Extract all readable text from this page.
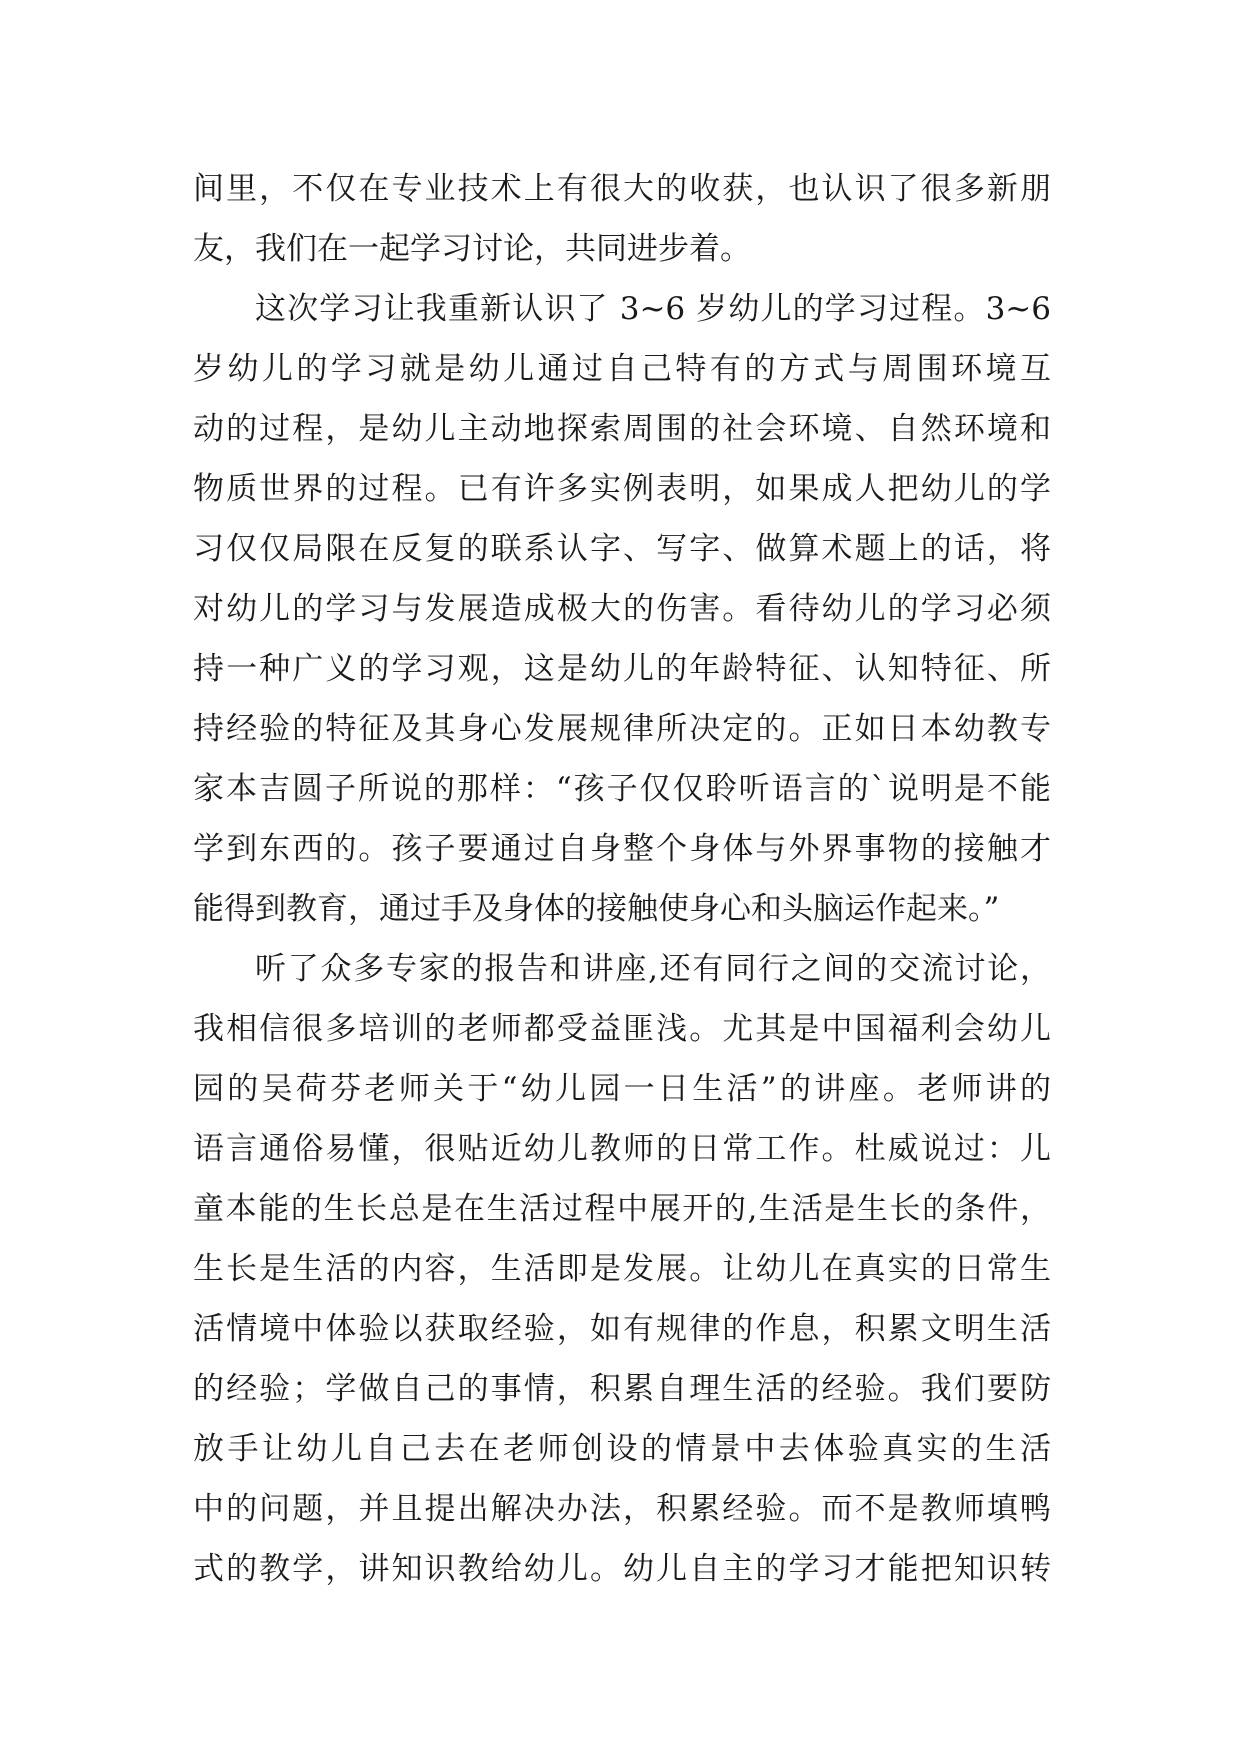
间里，不仅在专业技术上有很大的收获，也认识了很多新朋
友，我们在一起学习讨论，共同进步着。
这次学习让我重新认识了 3~6 岁幼儿的学习过程。3~6
岁幼儿的学习就是幼儿通过自己特有的方式与周围环境互
动的过程，是幼儿主动地探索周围的社会环境、自然环境和
物质世界的过程。已有许多实例表明，如果成人把幼儿的学
习仅仅局限在反复的联系认字、写字、做算术题上的话，将
对幼儿的学习与发展造成极大的伤害。看待幼儿的学习必须
持一种广义的学习观，这是幼儿的年龄特征、认知特征、所
持经验的特征及其身心发展规律所决定的。正如日本幼教专
家本吉圆子所说的那样：“孩子仅仅聆听语言的`说明是不能
学到东西的。孩子要通过自身整个身体与外界事物的接触才
能得到教育，通过手及身体的接触使身心和头脑运作起来。”
听了众多专家的报告和讲座,还有同行之间的交流讨论，
我相信很多培训的老师都受益匪浅。尤其是中国福利会幼儿
园的吴荷芬老师关于“幼儿园一日生活”的讲座。老师讲的
语言通俗易懂，很贴近幼儿教师的日常工作。杜威说过：儿
童本能的生长总是在生活过程中展开的,生活是生长的条件，
生长是生活的内容，生活即是发展。让幼儿在真实的日常生
活情境中体验以获取经验，如有规律的作息，积累文明生活
的经验；学做自己的事情，积累自理生活的经验。我们要防
放手让幼儿自己去在老师创设的情景中去体验真实的生活
中的问题，并且提出解决办法，积累经验。而不是教师填鸭
式的教学，讲知识教给幼儿。幼儿自主的学习才能把知识转
